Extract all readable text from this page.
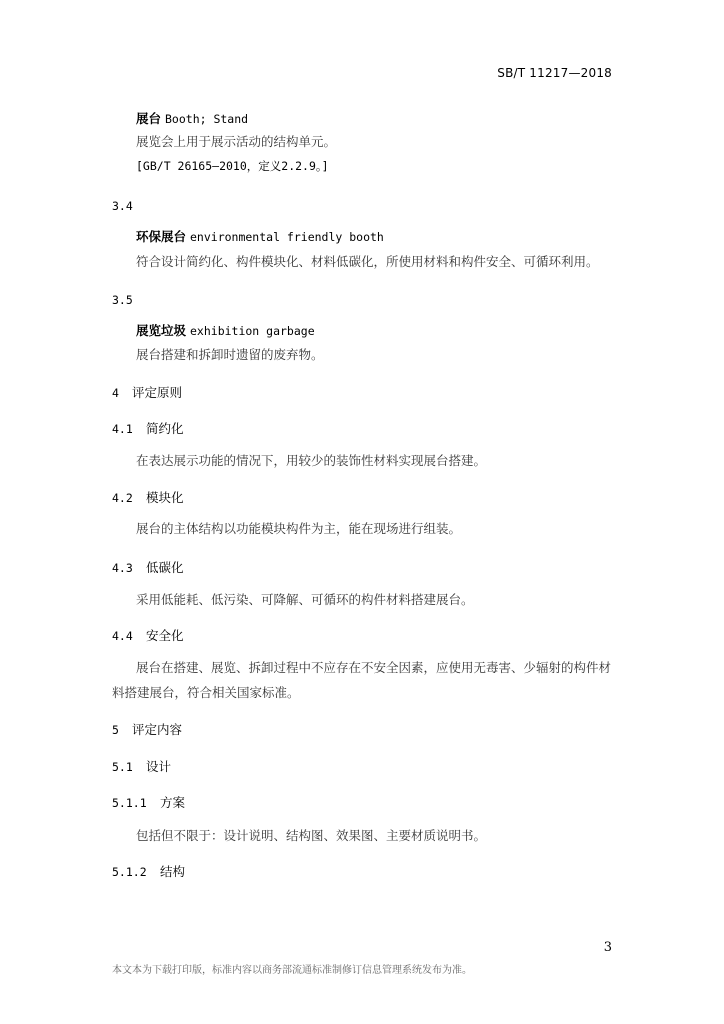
SB/T 11217—2018
展台 Booth; Stand
展览会上用于展示活动的结构单元。
[GB/T 26165—2010，定义2.2.9。]
3.4
环保展台 environmental friendly booth
符合设计简约化、构件模块化、材料低碳化，所使用材料和构件安全、可循环利用。
3.5
展览垃圾 exhibition garbage
展台搭建和拆卸时遗留的废弃物。
4 评定原则
4.1 简约化
在表达展示功能的情况下，用较少的装饰性材料实现展台搭建。
4.2 模块化
展台的主体结构以功能模块构件为主，能在现场进行组装。
4.3 低碳化
采用低能耗、低污染、可降解、可循环的构件材料搭建展台。
4.4 安全化
展台在搭建、展览、拆卸过程中不应存在不安全因素，应使用无毒害、少辐射的构件材
料搭建展台，符合相关国家标准。
5 评定内容
5.1 设计
5.1.1 方案
包括但不限于：设计说明、结构图、效果图、主要材质说明书。
5.1.2 结构
3
本文本为下载打印版，标准内容以商务部流通标准制修订信息管理系统发布为准。
